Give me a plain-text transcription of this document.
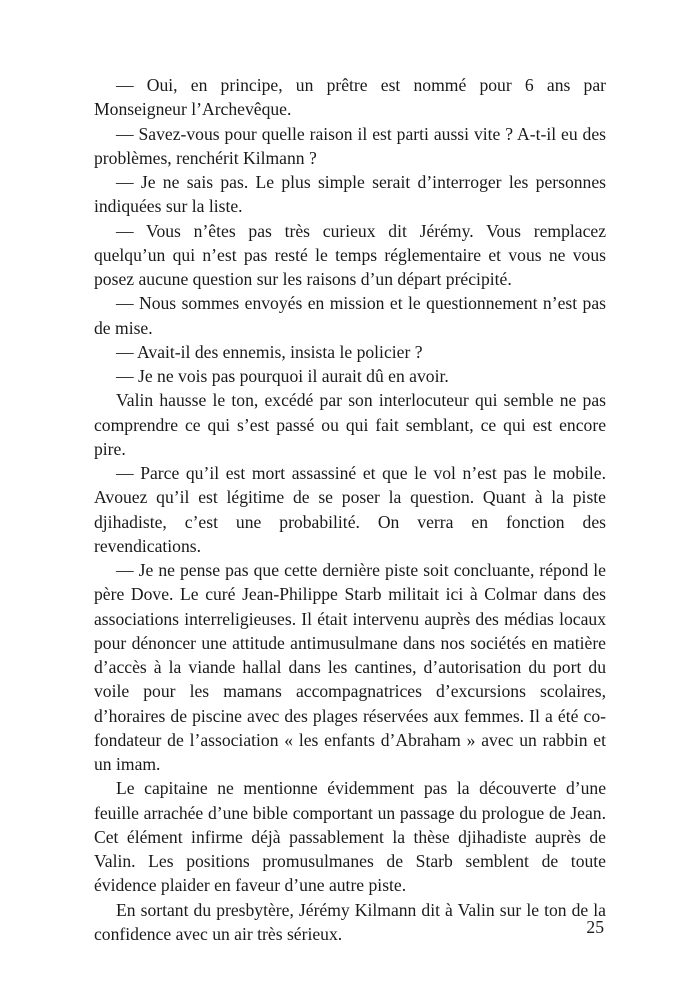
— Oui, en principe, un prêtre est nommé pour 6 ans par Monseigneur l’Archevêque.

— Savez-vous pour quelle raison il est parti aussi vite ? A-t-il eu des problèmes, renchérit Kilmann ?

— Je ne sais pas. Le plus simple serait d’interroger les personnes indiquées sur la liste.

— Vous n’êtes pas très curieux dit Jérémy. Vous remplacez quelqu’un qui n’est pas resté le temps réglementaire et vous ne vous posez aucune question sur les raisons d’un départ précipité.

— Nous sommes envoyés en mission et le questionnement n’est pas de mise.

— Avait-il des ennemis, insista le policier ?

— Je ne vois pas pourquoi il aurait dû en avoir.

Valin hausse le ton, excédé par son interlocuteur qui semble ne pas comprendre ce qui s’est passé ou qui fait semblant, ce qui est encore pire.

— Parce qu’il est mort assassiné et que le vol n’est pas le mobile. Avouez qu’il est légitime de se poser la question. Quant à la piste djihadiste, c’est une probabilité. On verra en fonction des revendications.

— Je ne pense pas que cette dernière piste soit concluante, répond le père Dove. Le curé Jean-Philippe Starb militait ici à Colmar dans des associations interreligieuses. Il était intervenu auprès des médias locaux pour dénoncer une attitude antimusulmane dans nos sociétés en matière d’accès à la viande hallal dans les cantines, d’autorisation du port du voile pour les mamans accompagnatrices d’excursions scolaires, d’horaires de piscine avec des plages réservées aux femmes. Il a été co-fondateur de l’association « les enfants d’Abraham » avec un rabbin et un imam.

Le capitaine ne mentionne évidemment pas la découverte d’une feuille arrachée d’une bible comportant un passage du prologue de Jean. Cet élément infirme déjà passablement la thèse djihadiste auprès de Valin. Les positions promusulmanes de Starb semblent de toute évidence plaider en faveur d’une autre piste.

En sortant du presbytère, Jérémy Kilmann dit à Valin sur le ton de la confidence avec un air très sérieux.	25
